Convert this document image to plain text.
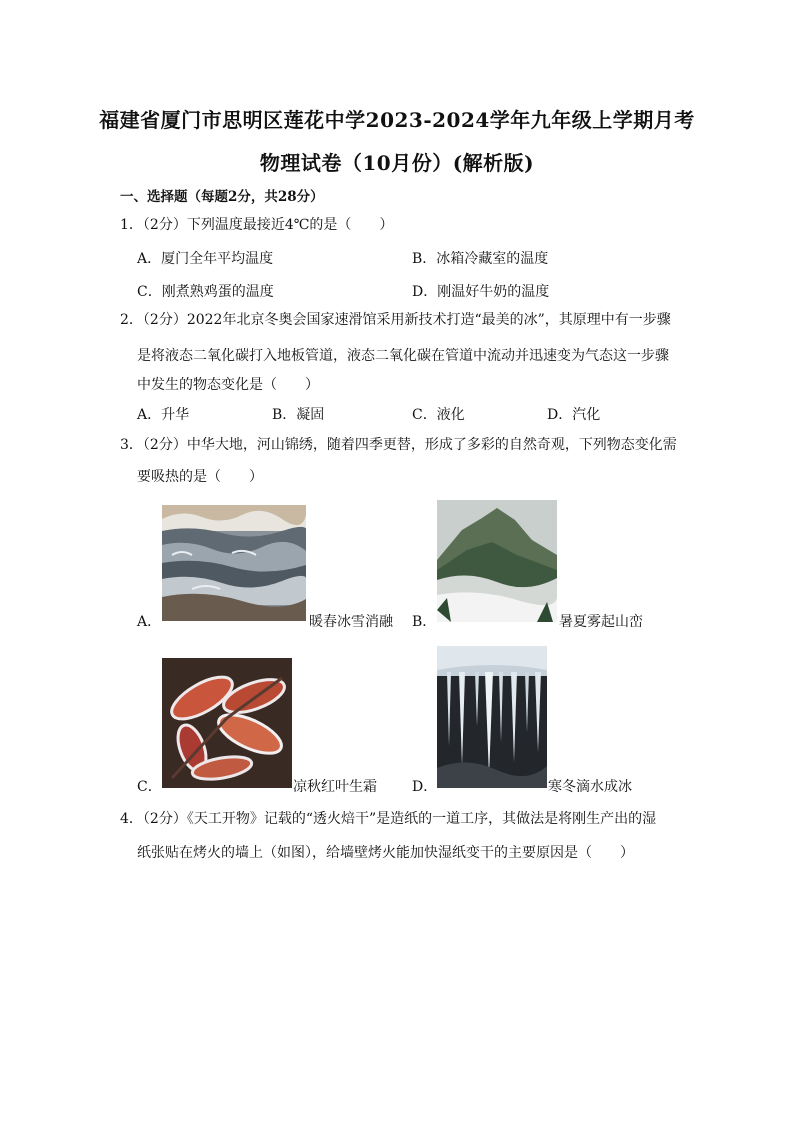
福建省厦门市思明区莲花中学2023-2024学年九年级上学期月考
物理试卷（10月份）(解析版)
一、选择题（每题2分，共28分）
1．（2分）下列温度最接近4℃的是（　　）
A．厦门全年平均温度	B．冰箱冷藏室的温度
C．刚煮熟鸡蛋的温度	D．刚温好牛奶的温度
2．（2分）2022年北京冬奥会国家速滑馆采用新技术打造“最美的冰”，其原理中有一步骤
是将液态二氧化碳打入地板管道，液态二氧化碳在管道中流动并迅速变为气态这一步骤
中发生的物态变化是（　　）
A．升华	B．凝固	C．液化	D．汽化
3．（2分）中华大地，河山锦绣，随着四季更替，形成了多彩的自然奇观，下列物态变化需
要吸热的是（　　）
A．	暖春冰雪消融 B．	暑夏雾起山峦
C．	凉秋红叶生霜	D．	寒冬滴水成冰
4．（2分）《天工开物》记载的“透火焙干”是造纸的一道工序，其做法是将刚生产出的湿
纸张贴在烤火的墙上（如图），给墙壁烤火能加快湿纸变干的主要原因是（　　）
